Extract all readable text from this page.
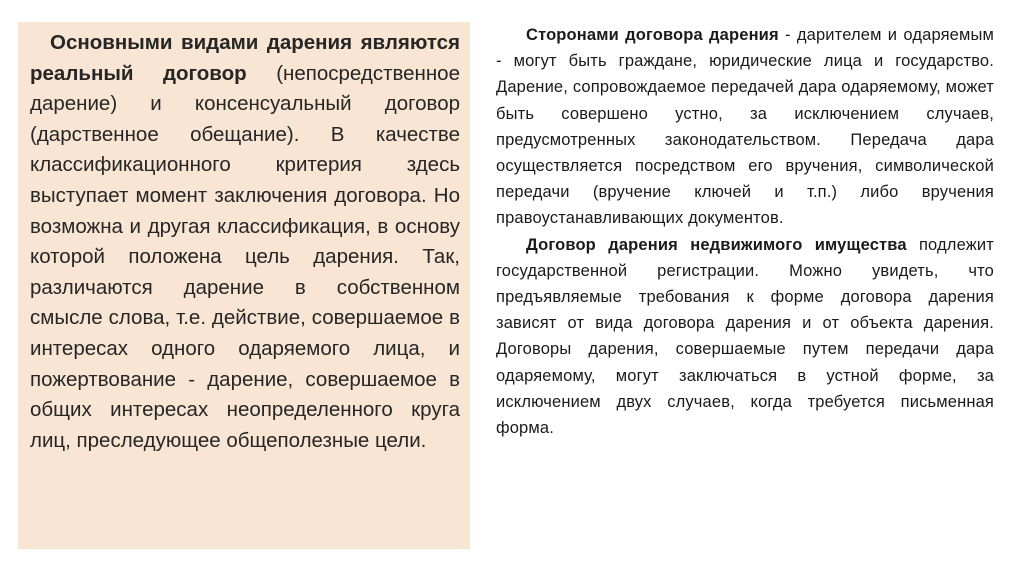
Основными видами дарения являются реальный договор (непосредственное дарение) и консенсуальный договор (дарственное обещание). В качестве классификационного критерия здесь выступает момент заключения договора. Но возможна и другая классификация, в основу которой положена цель дарения. Так, различаются дарение в собственном смысле слова, т.е. действие, совершаемое в интересах одного одаряемого лица, и пожертвование - дарение, совершаемое в общих интересах неопределенного круга лиц, преследующее общеполезные цели.

Сторонами договора дарения - дарителем и одаряемым - могут быть граждане, юридические лица и государство. Дарение, сопровождаемое передачей дара одаряемому, может быть совершено устно, за исключением случаев, предусмотренных законодательством. Передача дара осуществляется посредством его вручения, символической передачи (вручение ключей и т.п.) либо вручения правоустанавливающих документов.

Договор дарения недвижимого имущества подлежит государственной регистрации. Можно увидеть, что предъявляемые требования к форме договора дарения зависят от вида договора дарения и от объекта дарения. Договоры дарения, совершаемые путем передачи дара одаряемому, могут заключаться в устной форме, за исключением двух случаев, когда требуется письменная форма.
